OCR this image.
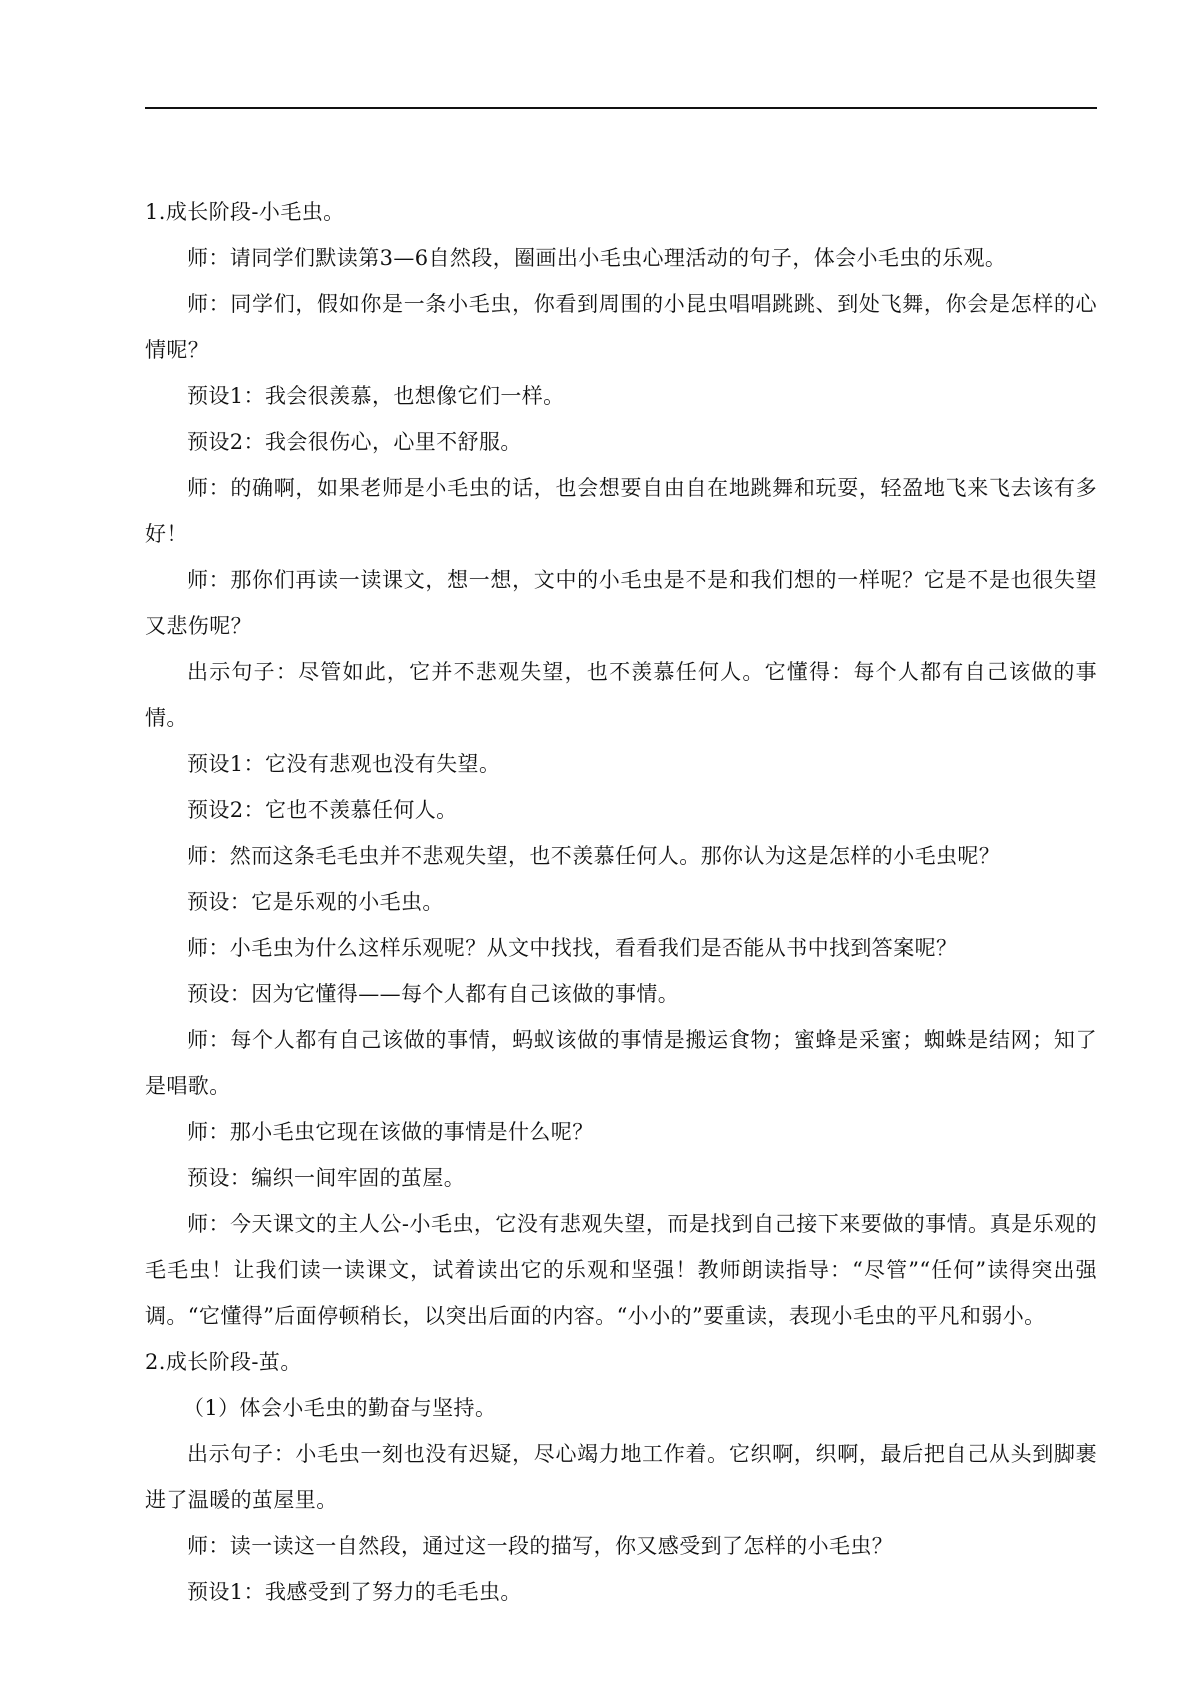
1.成长阶段-小毛虫。

师：请同学们默读第3—6自然段，圈画出小毛虫心理活动的句子，体会小毛虫的乐观。

师：同学们，假如你是一条小毛虫，你看到周围的小昆虫唱唱跳跳、到处飞舞，你会是怎样的心情呢？

预设1：我会很羡慕，也想像它们一样。

预设2：我会很伤心，心里不舒服。

师：的确啊，如果老师是小毛虫的话，也会想要自由自在地跳舞和玩耍，轻盈地飞来飞去该有多好！

师：那你们再读一读课文，想一想，文中的小毛虫是不是和我们想的一样呢？它是不是也很失望又悲伤呢？

出示句子：尽管如此，它并不悲观失望，也不羡慕任何人。它懂得：每个人都有自己该做的事情。

预设1：它没有悲观也没有失望。

预设2：它也不羡慕任何人。

师：然而这条毛毛虫并不悲观失望，也不羡慕任何人。那你认为这是怎样的小毛虫呢？

预设：它是乐观的小毛虫。

师：小毛虫为什么这样乐观呢？从文中找找，看看我们是否能从书中找到答案呢？

预设：因为它懂得——每个人都有自己该做的事情。

师：每个人都有自己该做的事情，蚂蚁该做的事情是搬运食物；蜜蜂是采蜜；蜘蛛是结网；知了是唱歌。

师：那小毛虫它现在该做的事情是什么呢？

预设：编织一间牢固的茧屋。

师：今天课文的主人公-小毛虫，它没有悲观失望，而是找到自己接下来要做的事情。真是乐观的毛毛虫！让我们读一读课文，试着读出它的乐观和坚强！教师朗读指导：“尽管”“任何”读得突出强调。“它懂得”后面停顿稍长，以突出后面的内容。“小小的”要重读，表现小毛虫的平凡和弱小。

2.成长阶段-茧。

（1）体会小毛虫的勤奋与坚持。

出示句子：小毛虫一刻也没有迟疑，尽心竭力地工作着。它织啊，织啊，最后把自己从头到脚裹进了温暖的茧屋里。

师：读一读这一自然段，通过这一段的描写，你又感受到了怎样的小毛虫？

预设1：我感受到了努力的毛毛虫。
